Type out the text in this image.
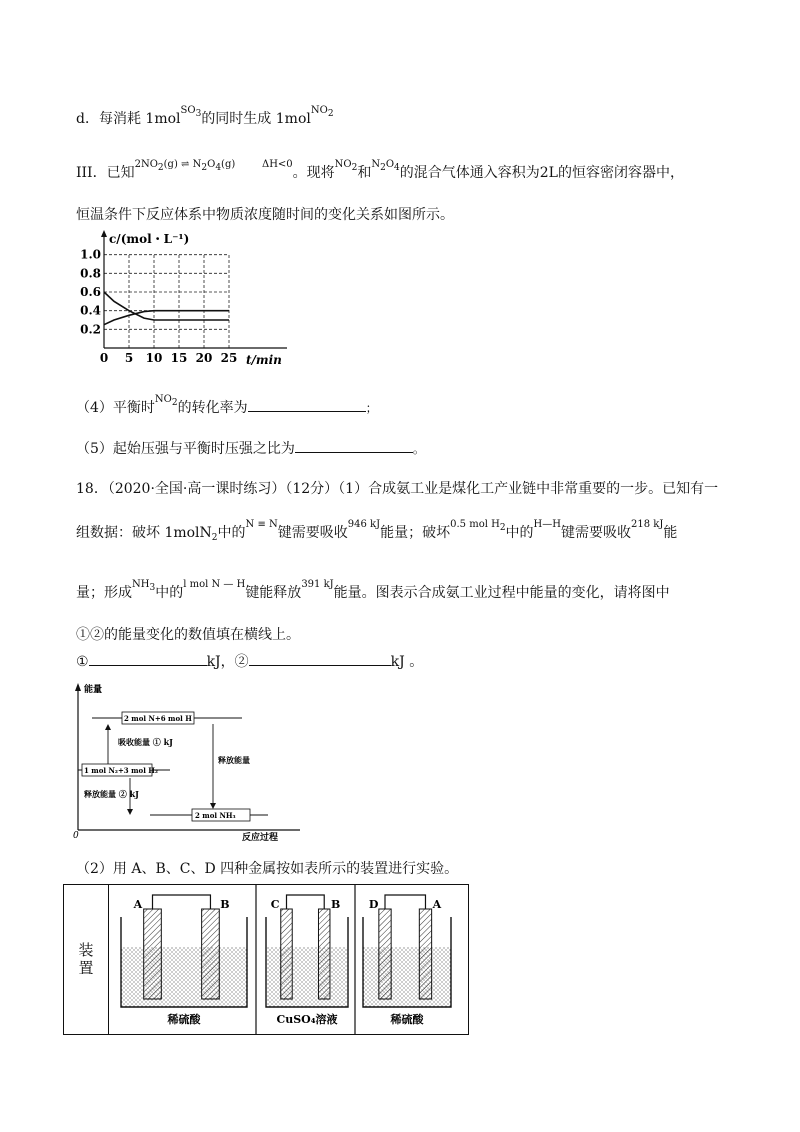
d．每消耗 1mol$^{SO3}$的同时生成 1mol$^{NO2}$
III．已知$^{2NO2(g) \rightleftharpoons N2O4(g)}$	$^{\Delta H<0}$。现将$^{NO2}$和$^{N2O4}$的混合气体通入容积为2L的恒容密闭容器中，
恒温条件下反应体系中物质浓度随时间的变化关系如图所示。
0 5 10 15 20 25
0.2
0.4
0.6
0.8
1.0
c/(mol・L⁻¹)
t/min
（4）平衡时$^{NO2}$的转化率为	；
（5）起始压强与平衡时压强之比为	。
18．（2020·全国·高一课时练习）（12分）（1）合成氨工业是煤化工产业链中非常重要的一步。已知有一
组数据：破坏 1molN$_2$中的$^{N \equiv N}$键需要吸收$^{946 kJ}$能量；破坏$^{0.5 mol H2}$中的$^{H—H}$键需要吸收$^{218 kJ}$能
量；形成$^{NH3}$中的$^{l mol N — H}$键能释放$^{391 kJ}$能量。图表示合成氨工业过程中能量的变化，请将图中
①②的能量变化的数值填在横线上。
①	kJ，②	kJ 。
能量
0	反应过程
2 mol N+6 mol H
1 mol N₂+3 mol H₂
2 mol NH₃
吸收能量 ① kJ
释放能量
释放能量 ② kJ
（2）用 A、B、C、D 四种金属按如表所示的装置进行实验。
装置
A	B
稀硫酸
C	B
CuSO₄溶液
D	A
稀硫酸
